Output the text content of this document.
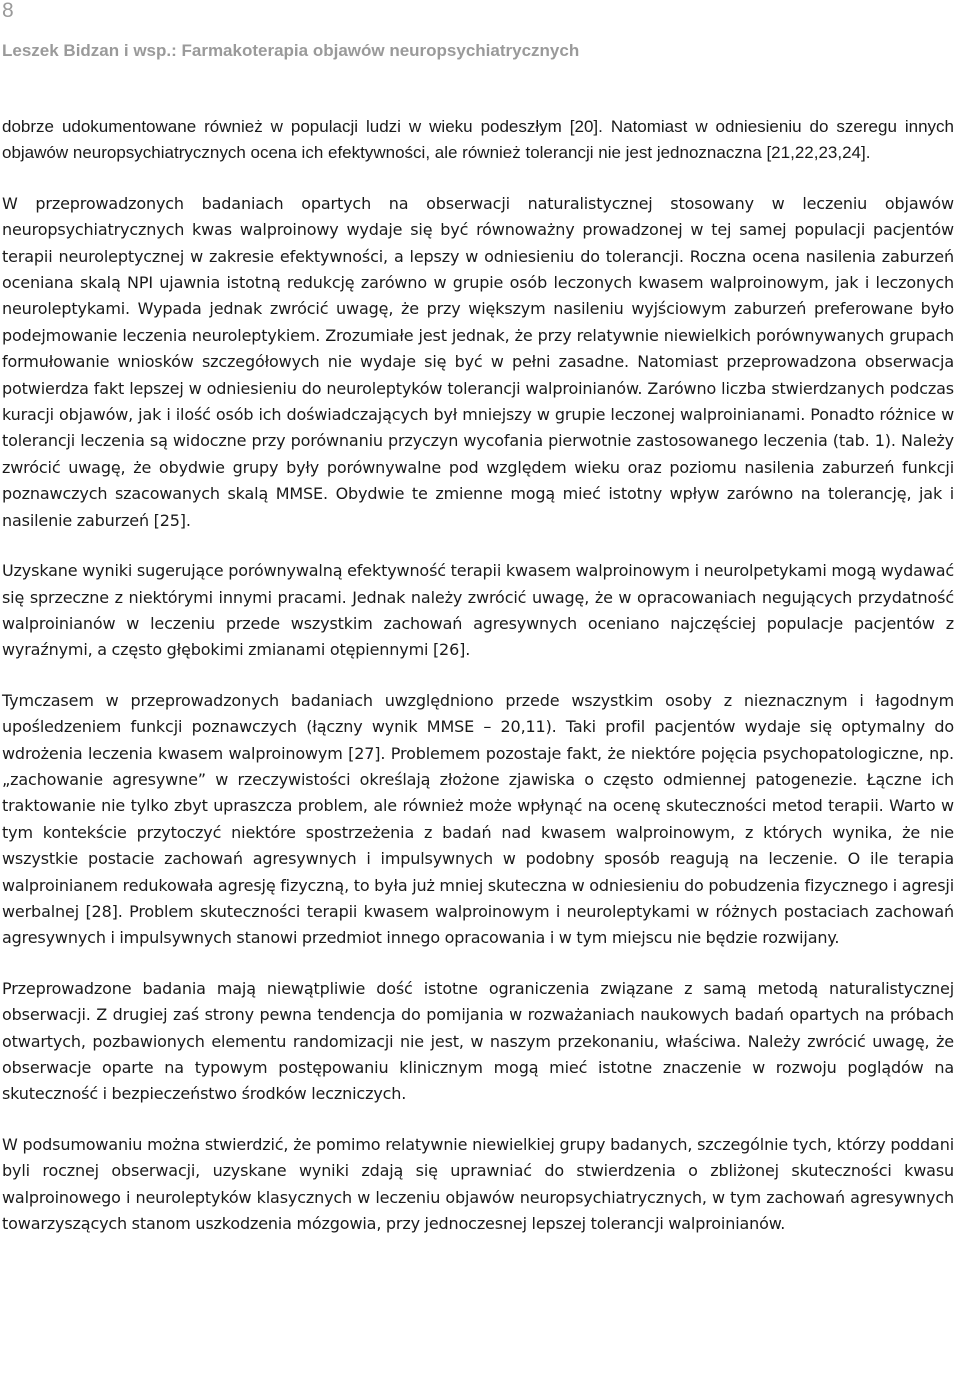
8
Leszek Bidzan i wsp.: Farmakoterapia objawów neuropsychiatrycznych

dobrze udokumentowane również w populacji ludzi w wieku podeszłym [20]. Natomiast w odniesieniu do szeregu innych objawów neuropsychiatrycznych ocena ich efektywności, ale również tolerancji nie jest jednoznaczna [21,22,23,24].

W przeprowadzonych badaniach opartych na obserwacji naturalistycznej stosowany w leczeniu objawów neuropsychiatrycznych kwas walproinowy wydaje się być równoważny prowadzonej w tej samej populacji pacjentów terapii neuroleptycznej w zakresie efektywności, a lepszy w odniesieniu do tolerancji. Roczna ocena nasilenia zaburzeń oceniana skalą NPI ujawnia istotną redukcję zarówno w grupie osób leczonych kwasem walproinowym, jak i leczonych neuroleptykami. Wypada jednak zwrócić uwagę, że przy większym nasileniu wyjściowym zaburzeń preferowane było podejmowanie leczenia neuroleptykiem. Zrozumiałe jest jednak, że przy relatywnie niewielkich porównywanych grupach formułowanie wniosków szczegółowych nie wydaje się być w pełni zasadne. Natomiast przeprowadzona obserwacja potwierdza fakt lepszej w odniesieniu do neuroleptyków tolerancji walproinianów. Zarówno liczba stwierdzanych podczas kuracji objawów, jak i ilość osób ich doświadczających był mniejszy w grupie leczonej walproinianami. Ponadto różnice w tolerancji leczenia są widoczne przy porównaniu przyczyn wycofania pierwotnie zastosowanego leczenia (tab. 1). Należy zwrócić uwagę, że obydwie grupy były porównywalne pod względem wieku oraz poziomu nasilenia zaburzeń funkcji poznawczych szacowanych skalą MMSE. Obydwie te zmienne mogą mieć istotny wpływ zarówno na tolerancję, jak i nasilenie zaburzeń [25].

Uzyskane wyniki sugerujące porównywalną efektywność terapii kwasem walproinowym i neurolpetykami mogą wydawać się sprzeczne z niektórymi innymi pracami. Jednak należy zwrócić uwagę, że w opracowaniach negujących przydatność walproinianów w leczeniu przede wszystkim zachowań agresywnych oceniano najczęściej populacje pacjentów z wyraźnymi, a często głębokimi zmianami otępiennymi [26].

Tymczasem w przeprowadzonych badaniach uwzględniono przede wszystkim osoby z nieznacznym i łagodnym upośledzeniem funkcji poznawczych (łączny wynik MMSE – 20,11). Taki profil pacjentów wydaje się optymalny do wdrożenia leczenia kwasem walproinowym [27]. Problemem pozostaje fakt, że niektóre pojęcia psychopatologiczne, np. „zachowanie agresywne” w rzeczywistości określają złożone zjawiska o często odmiennej patogenezie. Łączne ich traktowanie nie tylko zbyt upraszcza problem, ale również może wpłynąć na ocenę skuteczności metod terapii. Warto w tym kontekście przytoczyć niektóre spostrzeżenia z badań nad kwasem walproinowym, z których wynika, że nie wszystkie postacie zachowań agresywnych i impulsywnych w podobny sposób reagują na leczenie. O ile terapia walproinianem redukowała agresję fizyczną, to była już mniej skuteczna w odniesieniu do pobudzenia fizycznego i agresji werbalnej [28]. Problem skuteczności terapii kwasem walproinowym i neuroleptykami w różnych postaciach zachowań agresywnych i impulsywnych stanowi przedmiot innego opracowania i w tym miejscu nie będzie rozwijany.

Przeprowadzone badania mają niewątpliwie dość istotne ograniczenia związane z samą metodą naturalistycznej obserwacji. Z drugiej zaś strony pewna tendencja do pomijania w rozważaniach naukowych badań opartych na próbach otwartych, pozbawionych elementu randomizacji nie jest, w naszym przekonaniu, właściwa. Należy zwrócić uwagę, że obserwacje oparte na typowym postępowaniu klinicznym mogą mieć istotne znaczenie w rozwoju poglądów na skuteczność i bezpieczeństwo środków leczniczych.

W podsumowaniu można stwierdzić, że pomimo relatywnie niewielkiej grupy badanych, szczególnie tych, którzy poddani byli rocznej obserwacji, uzyskane wyniki zdają się uprawniać do stwierdzenia o zbliżonej skuteczności kwasu walproinowego i neuroleptyków klasycznych w leczeniu objawów neuropsychiatrycznych, w tym zachowań agresywnych towarzyszących stanom uszkodzenia mózgowia, przy jednoczesnej lepszej tolerancji walproinianów.
